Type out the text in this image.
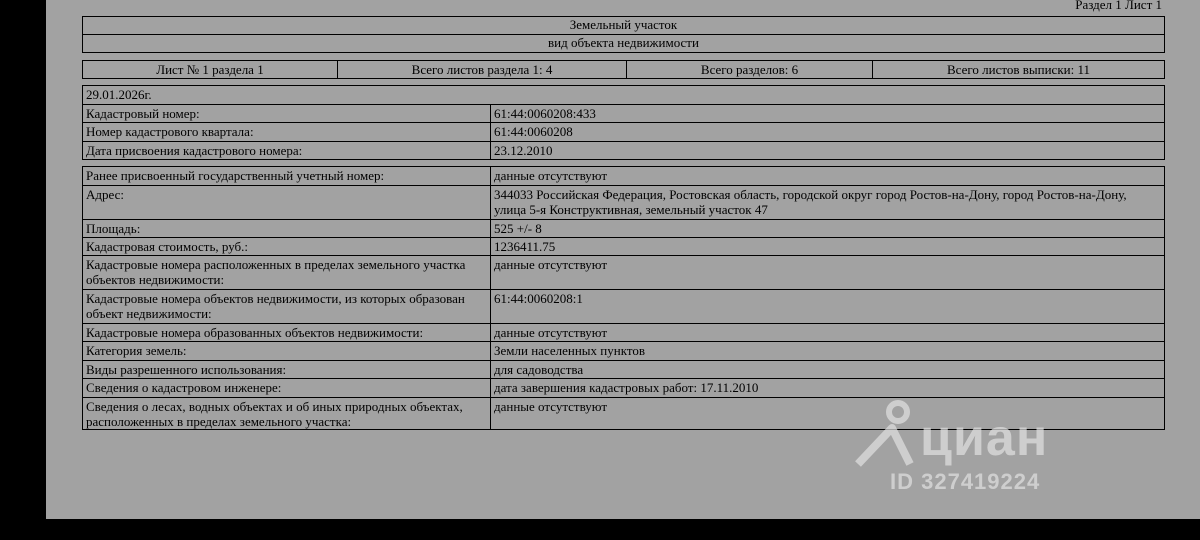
Раздел 1 Лист 1
Земельный участок
вид объекта недвижимости
Лист № 1 раздела 1	Всего листов раздела 1: 4	Всего разделов: 6	Всего листов выписки: 11
29.01.2026г.
Кадастровый номер:	61:44:0060208:433
Номер кадастрового квартала:	61:44:0060208
Дата присвоения кадастрового номера:	23.12.2010
Ранее присвоенный государственный учетный номер:	данные отсутствуют
Адрес:	344033 Российская Федерация, Ростовская область, городской округ город Ростов-на-Дону, город Ростов-на-Дону, улица 5-я Конструктивная, земельный участок 47
Площадь:	525 +/- 8
Кадастровая стоимость, руб.:	1236411.75
Кадастровые номера расположенных в пределах земельного участка объектов недвижимости:
данные отсутствуют
Кадастровые номера объектов недвижимости, из которых образован объект недвижимости:
61:44:0060208:1
Кадастровые номера образованных объектов недвижимости:	данные отсутствуют
Категория земель:	Земли населенных пунктов
Виды разрешенного использования:	для садоводства
Сведения о кадастровом инженере:	дата завершения кадастровых работ: 17.11.2010
Сведения о лесах, водных объектах и об иных природных объектах, расположенных в пределах земельного участка:
данные отсутствуют
циан
ID 327419224
